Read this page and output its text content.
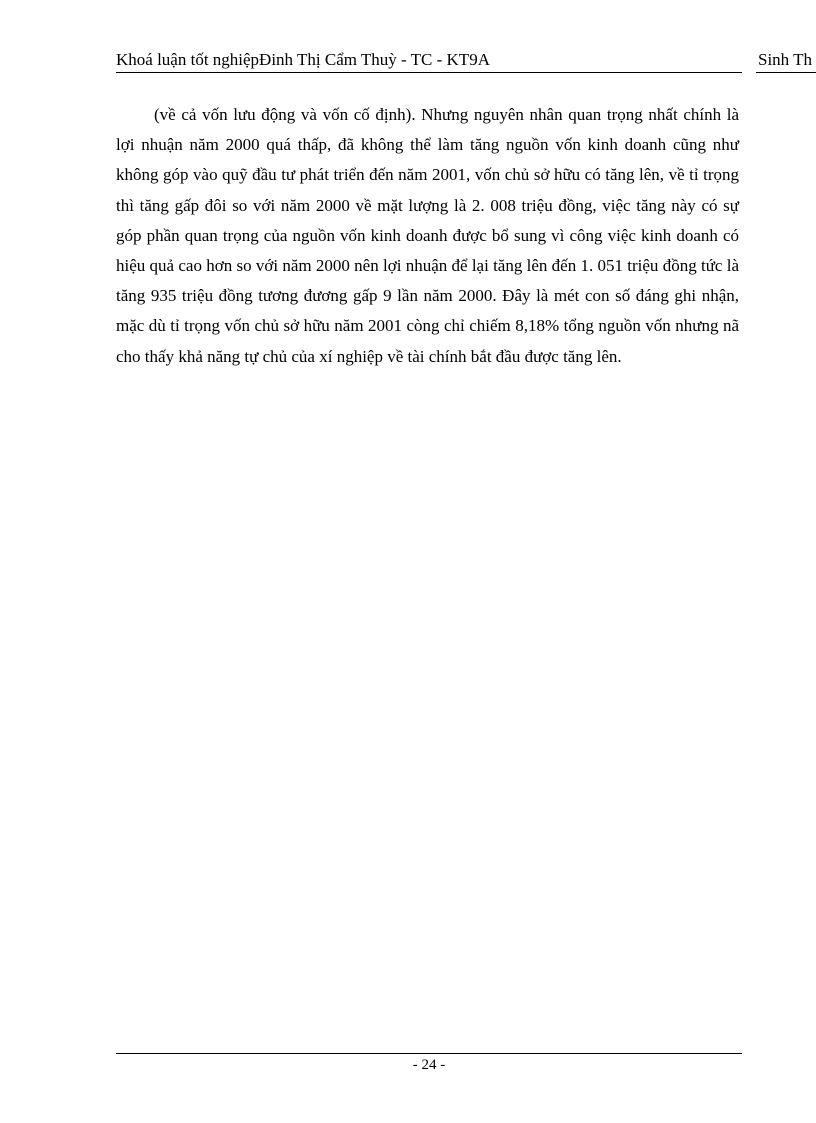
Khoá luận tốt nghiệpĐinh Thị Cẩm Thuỳ - TC - KT9A	Sinh Th

(về cả vốn lưu động và vốn cố định). Nhưng nguyên nhân quan trọng nhất chính là lợi nhuận năm 2000 quá thấp, đã không thể làm tăng nguồn vốn kinh doanh cũng như không góp vào quỹ đầu tư phát triển đến năm 2001, vốn chủ sở hữu có tăng lên, về tỉ trọng thì tăng gấp đôi so với năm 2000 về mặt lượng là 2. 008 triệu đồng, việc tăng này có sự góp phần quan trọng của nguồn vốn kinh doanh được bổ sung vì công việc kinh doanh có hiệu quả cao hơn so với năm 2000 nên lợi nhuận để lại tăng lên đến 1. 051 triệu đồng tức là tăng 935 triệu đồng tương đương gấp 9 lần năm 2000. Đây là mét con số đáng ghi nhận, mặc dù tỉ trọng vốn chủ sở hữu năm 2001 còng chỉ chiếm 8,18% tổng nguồn vốn nhưng nã cho thấy khả năng tự chủ của xí nghiệp về tài chính bắt đầu được tăng lên.

- 24 -
